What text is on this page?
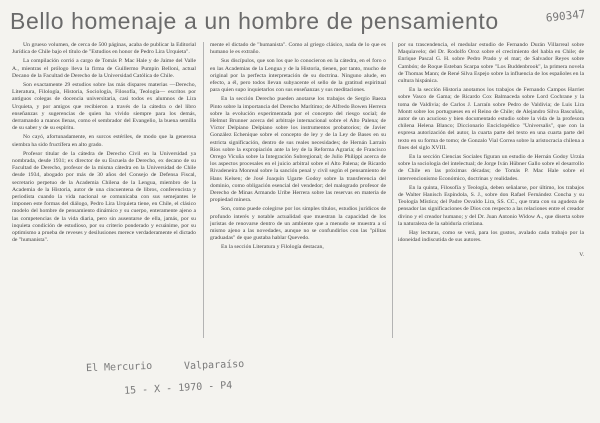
Bello homenaje a un hombre de pensamiento	690347

Un grueso volumen, de cerca de 500 páginas, acaba de publicar la Editorial Jurídica de Chile bajo el título de "Estudios en honor de Pedro Lira Urquieta".

La compilación corrió a cargo de Tomás P. Mac Hale y de Jaime del Valle A., mientras el prólogo lleva la firma de Guillermo Pumpin Belloni, actual Decano de la Facultad de Derecho de la Universidad Católica de Chile.

Son exactamente 29 estudios sobre las más dispares materias —Derecho, Literatura, Filología, Historia, Sociología, Filosofía, Teología— escritos por antiguos colegas de docencia universitaria, casi todos ex alumnos de Lira Urquieta, y por amigos que recibieron a través de la cátedra o del libro enseñanzas y sugerencias de quien ha vivido siempre para los demás, derramando a manos llenas, como el sembrador del Evangelio, la buena semilla de su saber y de su espíritu.

No cayó, afortunadamente, en surcos estériles, de modo que la generosa siembra ha sido fructífera en alto grado.

Profesor titular de la cátedra de Derecho Civil en la Universidad ya nombrada, desde 1931; ex director de su Escuela de Derecho, ex decano de su Facultad de Derecho, profesor de la misma cátedra en la Universidad de Chile desde 1934, abogado por más de 30 años del Consejo de Defensa Fiscal, secretario perpetuo de la Academia Chilena de la Lengua, miembro de la Academia de la Historia, autor de una cincuentena de libros, conferencista y periodista cuando la vida nacional se comunicaba con sus semejantes le imponen este formas del diálogo, Pedro Lira Urquieta tiene, en Chile, el clásico modelo del hombre de pensamiento dinámico y su cuerpo, enteramente ajeno a las competencias de la vida diaria, pero sin ausentarse de ella, jamás, por su inquieta condición de estudioso, por su criterio ponderado y ecuánime, por su optimismo a prueba de reveses y desilusiones merece verdaderamente el dictado de "humanista".

mente el dictado de "humanista". Como al griego clásico, nada de lo que es humano le es extraño.

Sus discípulos, que son los que lo conocieron en la cátedra, en el foro o en las Academias de la Lengua y de la Historia, tienen, por tanto, mucho de original por la perfecta interpretación de su doctrina. Ninguno alude, en efecto, a él, pero todos llevan subyacente el sello de la gratitud espiritual para quien supo inquietarlos con sus enseñanzas y sus meditaciones.

En la sección Derecho pueden anotarse los trabajos de Sergio Baeza Pinto sobre la importancia del Derecho Marítimo; de Alfredo Bowen Herrera sobre la evolución experimentada por el concepto del riesgo social; de Helmut Brunner acerca del arbitraje internacional sobre el Alto Palena; de Víctor Delpiano Delpiano sobre los instrumentos probatorios; de Javier González Echenique sobre el concepto de ley y de la Ley de Bases en su estricta significación, dentro de sus reales necesidades; de Hernán Larraín Ríos sobre la expropiación ante la ley de la Reforma Agraria; de Francisco Orrego Vicuña sobre la Integración Subregional; de Julio Philippi acerca de los aspectos procesales en el juicio arbitral sobre el Alto Palena; de Ricardo Rivadeneira Monreal sobre la sanción penal y civil según el pensamiento de Hans Kelsen; de José Joaquín Ugarte Godoy sobre la transferencia del dominio, como obligación esencial del vendedor; del malogrado profesor de Derecho de Minas Armando Uribe Herrera sobre las reservas en materia de propiedad minera.

Son, como puede colegirse por los simples títulos, estudios jurídicos de profundo interés y notable actualidad que muestran la capacidad de los juristas de renovarse dentro de un ambiente que a menudo se muestra a sí mismo ajeno a las novedades, aunque no se confundirlos con las "pilitas graduadas" de que gustaba hablar Quevedo.

En la sección Literatura y Filología destacan,

por su trascendencia, el medular estudio de Fernando Durán Villarreal sobre Maquiavelo; del Dr. Rodolfo Oroz sobre el crecimiento del habla en Chile; de Enrique Pascal G. H. sobre Pedro Prado y el mar; de Salvador Reyes sobre Cambón; de Roque Esteban Scarpa sobre "Los Buddenbrook", la primera novela de Thomas Mann; de René Silva Espejo sobre la influencia de los españoles en la cultura hispánica.

En la sección Historia anotamos los trabajos de Fernando Campos Harriet sobre Vasco de Gama; de Ricardo Cox Balmaceda sobre Lord Cochrane y la toma de Valdivia; de Carlos J. Larraín sobre Pedro de Valdivia; de Luis Lira Montt sobre los portugueses en el Reino de Chile; de Alejandro Silva Bascuñán, autor de un acucioso y bien documentado estudio sobre la vida de la profesora chilena Helena Blanco; Diccionario Enciclopédico "Universalis", que con la expresa autorización del autor, la cuarta parte del texto en una cuarta parte del texto en su forma de tomo; de Gonzalo Vial Correa sobre la aristocracia chilena a fines del siglo XVIII.

En la sección Ciencias Sociales figuran un estudio de Hernán Godoy Urzúa sobre la sociología del intelectual; de Jorge Iván Hübner Gallo sobre el desarrollo de Chile en las próximas décadas; de Tomás P. Mac Hale sobre el intervencionismo Económico, doctrinas y realidades.

En la quinta, Filosofía y Teología, deben señalarse, por último, los trabajos de Walter Hanisch Espíndola, S. J., sobre don Rafael Fernández Concha y su Teología Mística; del Padre Osvaldo Lira, SS. CC., que trata con su agudeza de pensador las significaciones de Dios con respecto a las relaciones entre el creador divino y el creador humano; y del Dr. Juan Antonio Widow A., que diserta sobre la naturaleza de la sabiduría cristiana.

Hay lecturas, como se verá, para los gustos, avalado cada trabajo por la idoneidad indiscutida de sus autores.

V.

El Mercurio	Valparaíso
15 - X - 1970 - P4
